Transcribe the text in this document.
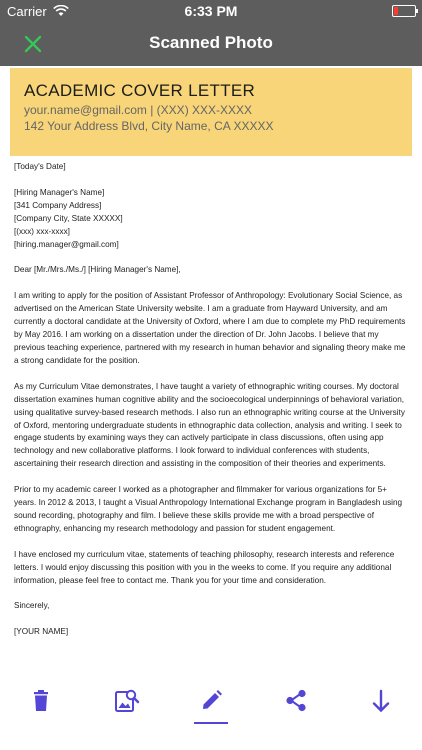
Carrier	6:33 PM
Scanned Photo
ACADEMIC COVER LETTER
your.name@gmail.com | (XXX) XXX-XXXX
142 Your Address Blvd, City Name, CA XXXXX
[Today's Date]
[Hiring Manager's Name]
[341 Company Address]
[Company City, State XXXXX]
[(xxx) xxx-xxxx]
[hiring.manager@gmail.com]
Dear [Mr./Mrs./Ms./] [Hiring Manager's Name],
I am writing to apply for the position of Assistant Professor of Anthropology: Evolutionary Social Science, as advertised on the American State University website. I am a graduate from Hayward University, and am currently a doctoral candidate at the University of Oxford, where I am due to complete my PhD requirements by May 2016. I am working on a dissertation under the direction of Dr. John Jacobs. I believe that my previous teaching experience, partnered with my research in human behavior and signaling theory make me a strong candidate for the position.
As my Curriculum Vitae demonstrates, I have taught a variety of ethnographic writing courses. My doctoral dissertation examines human cognitive ability and the socioecological underpinnings of behavioral variation, using qualitative survey-based research methods. I also run an ethnographic writing course at the University of Oxford, mentoring undergraduate students in ethnographic data collection, analysis and writing. I seek to engage students by examining ways they can actively participate in class discussions, often using app technology and new collaborative platforms. I look forward to individual conferences with students, ascertaining their research direction and assisting in the composition of their theories and experiments.
Prior to my academic career I worked as a photographer and filmmaker for various organizations for 5+ years. In 2012 & 2013, I taught a Visual Anthropology International Exchange program in Bangladesh using sound recording, photography and film. I believe these skills provide me with a broad perspective of ethnography, enhancing my research methodology and passion for student engagement.
I have enclosed my curriculum vitae, statements of teaching philosophy, research interests and reference letters. I would enjoy discussing this position with you in the weeks to come. If you require any additional information, please feel free to contact me. Thank you for your time and consideration.
Sincerely,
[YOUR NAME]
